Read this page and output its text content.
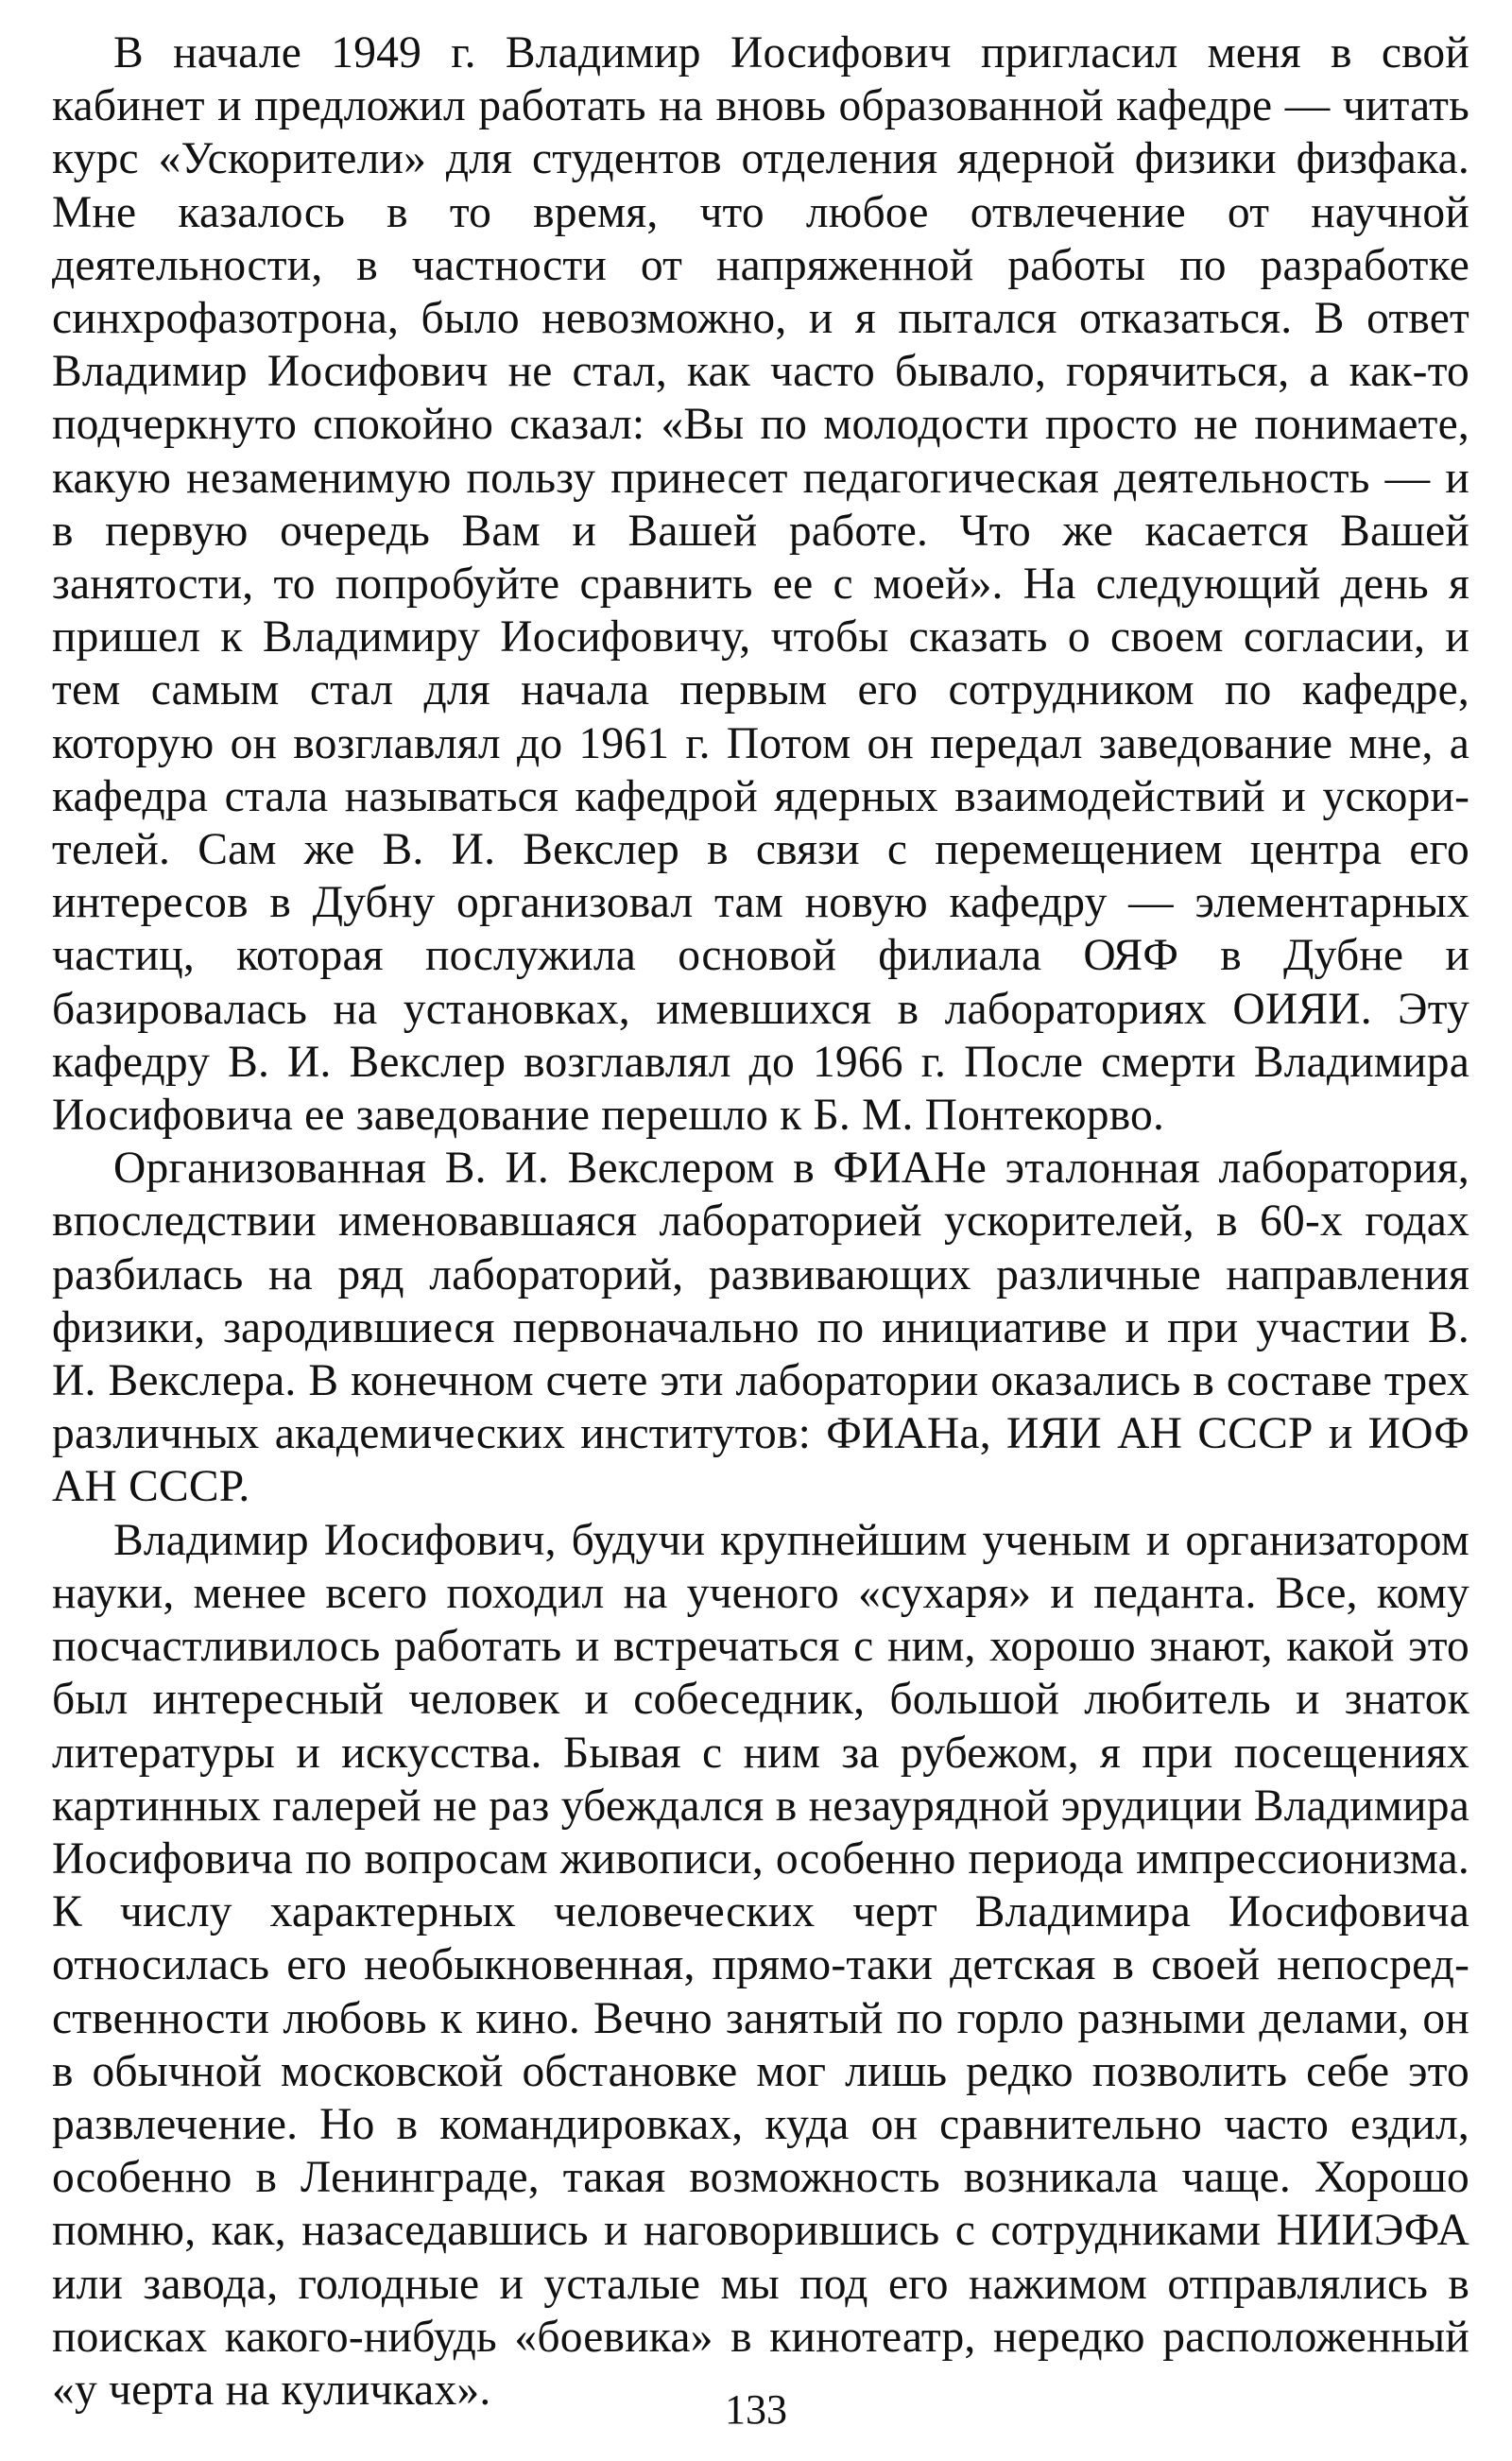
В начале 1949 г. Владимир Иосифович пригласил меня в свой кабинет и предложил работать на вновь образованной кафедре — читать курс «Ускорители» для студентов отделения ядерной физики физфака. Мне казалось в то время, что любое отвлечение от научной деятельности, в частности от напряженной работы по разработке синхрофазотрона, было невозможно, и я пытался отказаться. В ответ Владимир Иосифович не стал, как часто бывало, горячиться, а как-то подчеркнуто спокойно сказал: «Вы по молодости просто не понимаете, какую незаменимую пользу принесет педагогическая деятельность — и в первую очередь Вам и Вашей работе. Что же касается Вашей занятости, то попробуйте сравнить ее с моей». На следующий день я пришел к Владимиру Иосифовичу, чтобы сказать о своем согласии, и тем самым стал для начала первым его сотрудником по кафедре, которую он возглавлял до 1961 г. Потом он передал заведование мне, а кафедра стала называться кафедрой ядерных взаимодействий и ускорителей. Сам же В. И. Векслер в связи с перемещением центра его интересов в Дубну организовал там новую кафедру — элементарных частиц, которая послужила основой филиала ОЯФ в Дубне и базировалась на установках, имевшихся в лабораториях ОИЯИ. Эту кафедру В. И. Векслер возглавлял до 1966 г. После смерти Владимира Иосифовича ее заведование перешло к Б. М. Понтекорво.

Организованная В. И. Векслером в ФИАНе эталонная лаборатория, впоследствии именовавшаяся лабораторией ускорителей, в 60-х годах разбилась на ряд лабораторий, развивающих различные направления физики, зародившиеся первоначально по инициативе и при участии В. И. Векслера. В конечном счете эти лаборатории оказались в составе трех различных академических институтов: ФИАНа, ИЯИ АН СССР и ИОФ АН СССР.

Владимир Иосифович, будучи крупнейшим ученым и организатором науки, менее всего походил на ученого «сухаря» и педанта. Все, кому посчастливилось работать и встречаться с ним, хорошо знают, какой это был интересный человек и собеседник, большой любитель и знаток литературы и искусства. Бывая с ним за рубежом, я при посещениях картинных галерей не раз убеждался в незаурядной эрудиции Владимира Иосифовича по вопросам живописи, особенно периода импрессионизма. К числу характерных человеческих черт Владимира Иосифовича относилась его необыкновенная, прямо-таки детская в своей непосредственности любовь к кино. Вечно занятый по горло разными делами, он в обычной московской обстановке мог лишь редко позволить себе это развлечение. Но в командировках, куда он сравнительно часто ездил, особенно в Ленинграде, такая возможность возникала чаще. Хорошо помню, как, назаседавшись и наговорившись с сотрудниками НИИЭФА или завода, голодные и усталые мы под его нажимом отправлялись в поисках какого-нибудь «боевика» в кинотеатр, нередко расположенный «у черта на куличках».	133
